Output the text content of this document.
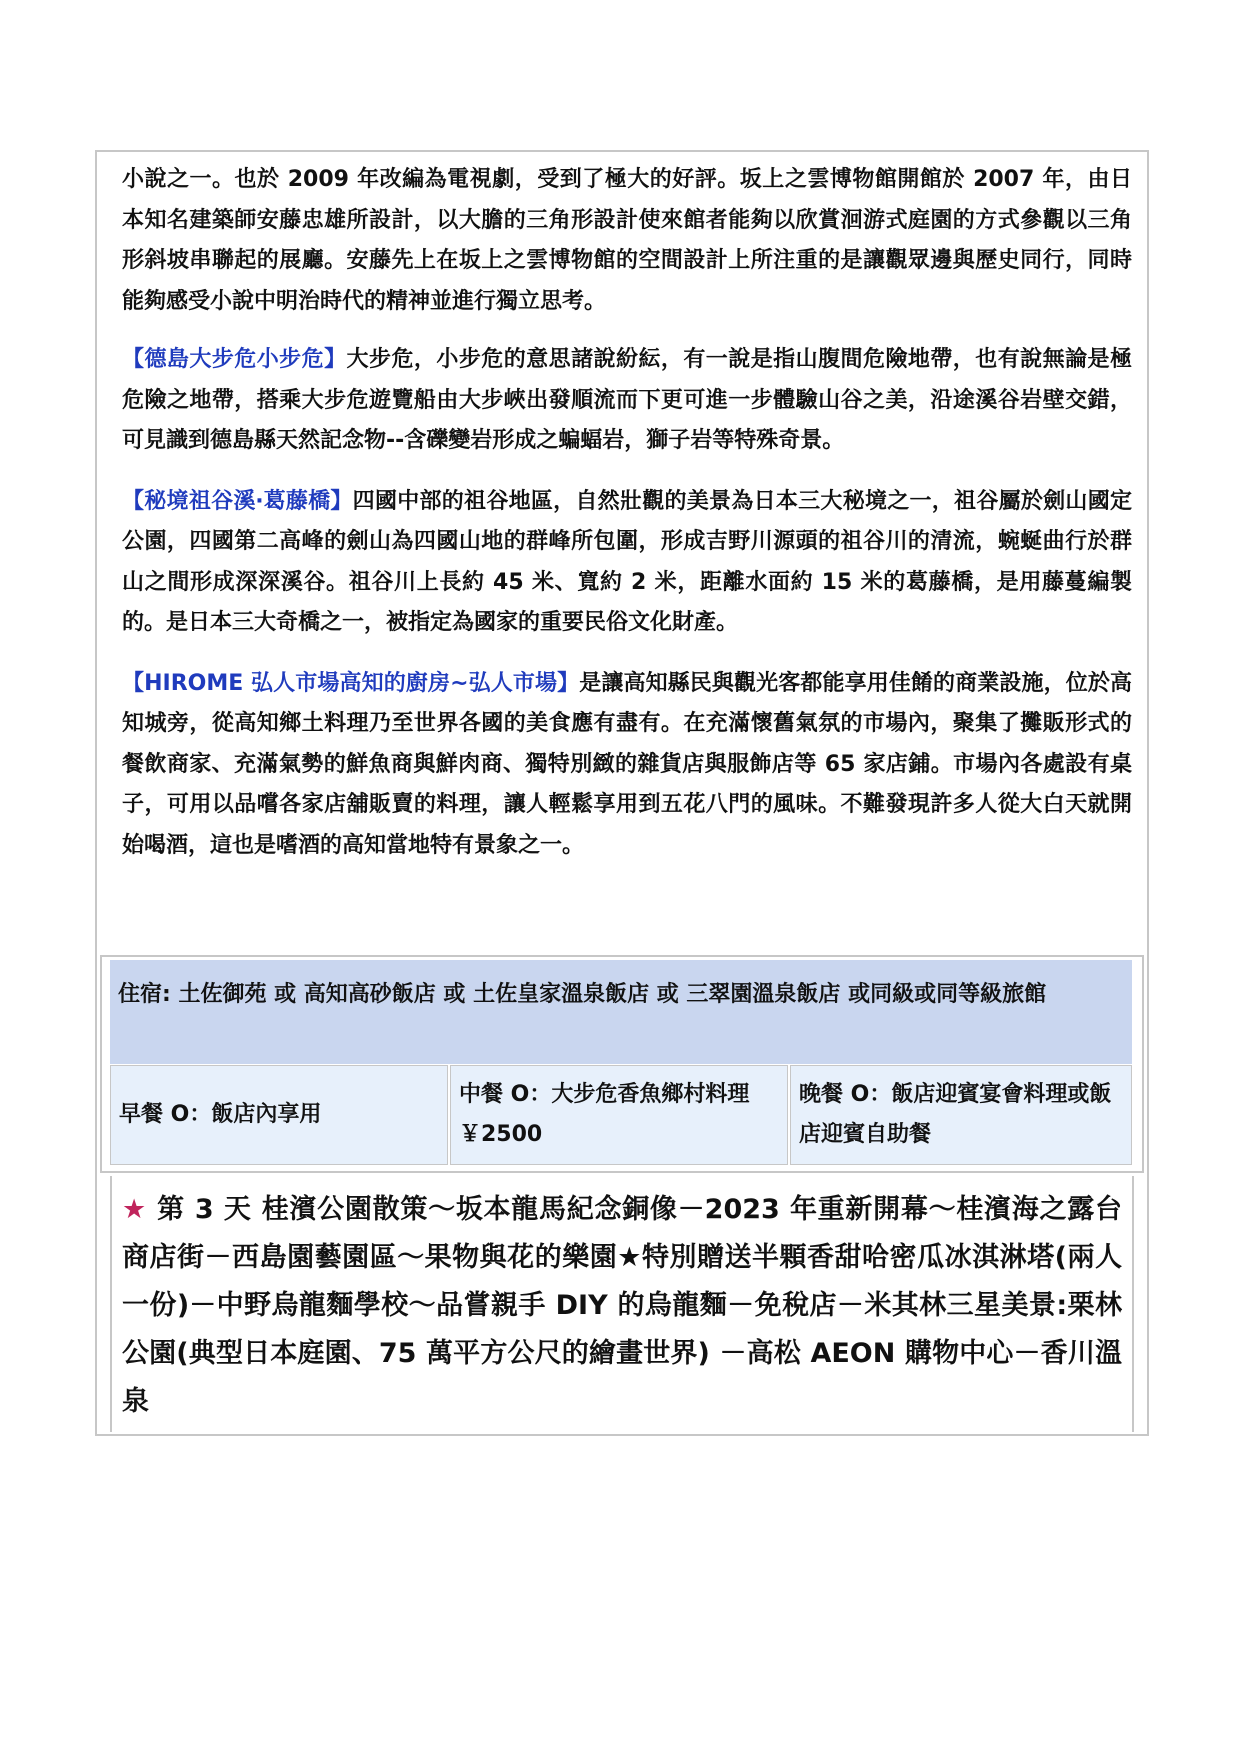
小說之一。也於 2009 年改編為電視劇，受到了極大的好評。坂上之雲博物館開館於 2007 年，由日本知名建築師安藤忠雄所設計，以大膽的三角形設計使來館者能夠以欣賞洄游式庭園的方式參觀以三角形斜坡串聯起的展廳。安藤先上在坂上之雲博物館的空間設計上所注重的是讓觀眾邊與歷史同行，同時能夠感受小說中明治時代的精神並進行獨立思考。

【德島大步危小步危】大步危，小步危的意思諸說紛紜，有一說是指山腹間危險地帶，也有說無論是極危險之地帶，搭乘大步危遊覽船由大步峽出發順流而下更可進一步體驗山谷之美，沿途溪谷岩壁交錯，可見識到德島縣天然記念物--含礫變岩形成之蝙蝠岩，獅子岩等特殊奇景。

【秘境祖谷溪‧葛藤橋】四國中部的祖谷地區，自然壯觀的美景為日本三大秘境之一，祖谷屬於劍山國定公園，四國第二高峰的劍山為四國山地的群峰所包圍，形成吉野川源頭的祖谷川的清流，蜿蜒曲行於群山之間形成深深溪谷。祖谷川上長約 45 米、寬約 2 米，距離水面約 15 米的葛藤橋，是用藤蔓編製的。是日本三大奇橋之一，被指定為國家的重要民俗文化財產。

【HIROME 弘人市場高知的廚房~弘人市場】是讓高知縣民與觀光客都能享用佳餚的商業設施，位於高知城旁，從高知鄉土料理乃至世界各國的美食應有盡有。在充滿懷舊氣氛的市場內，聚集了攤販形式的餐飲商家、充滿氣勢的鮮魚商與鮮肉商、獨特別緻的雜貨店與服飾店等 65 家店鋪。市場內各處設有桌子，可用以品嚐各家店舖販賣的料理，讓人輕鬆享用到五花八門的風味。不難發現許多人從大白天就開始喝酒，這也是嗜酒的高知當地特有景象之一。

住宿: 土佐御苑 或 高知高砂飯店 或 土佐皇家溫泉飯店 或 三翠園溫泉飯店 或同級或同等級旅館
早餐 O：飯店內享用
中餐 O：大步危香魚鄉村料理
￥2500
晚餐 O：飯店迎賓宴會料理或飯店迎賓自助餐
★ 第 3 天 桂濱公園散策～坂本龍馬紀念銅像－2023 年重新開幕～桂濱海之露台商店街－西島園藝園區～果物與花的樂園★特別贈送半顆香甜哈密瓜冰淇淋塔(兩人一份)－中野烏龍麵學校～品嘗親手 DIY 的烏龍麵－免稅店－米其林三星美景:栗林公園(典型日本庭園、75 萬平方公尺的繪畫世界) －高松 AEON 購物中心－香川溫泉
